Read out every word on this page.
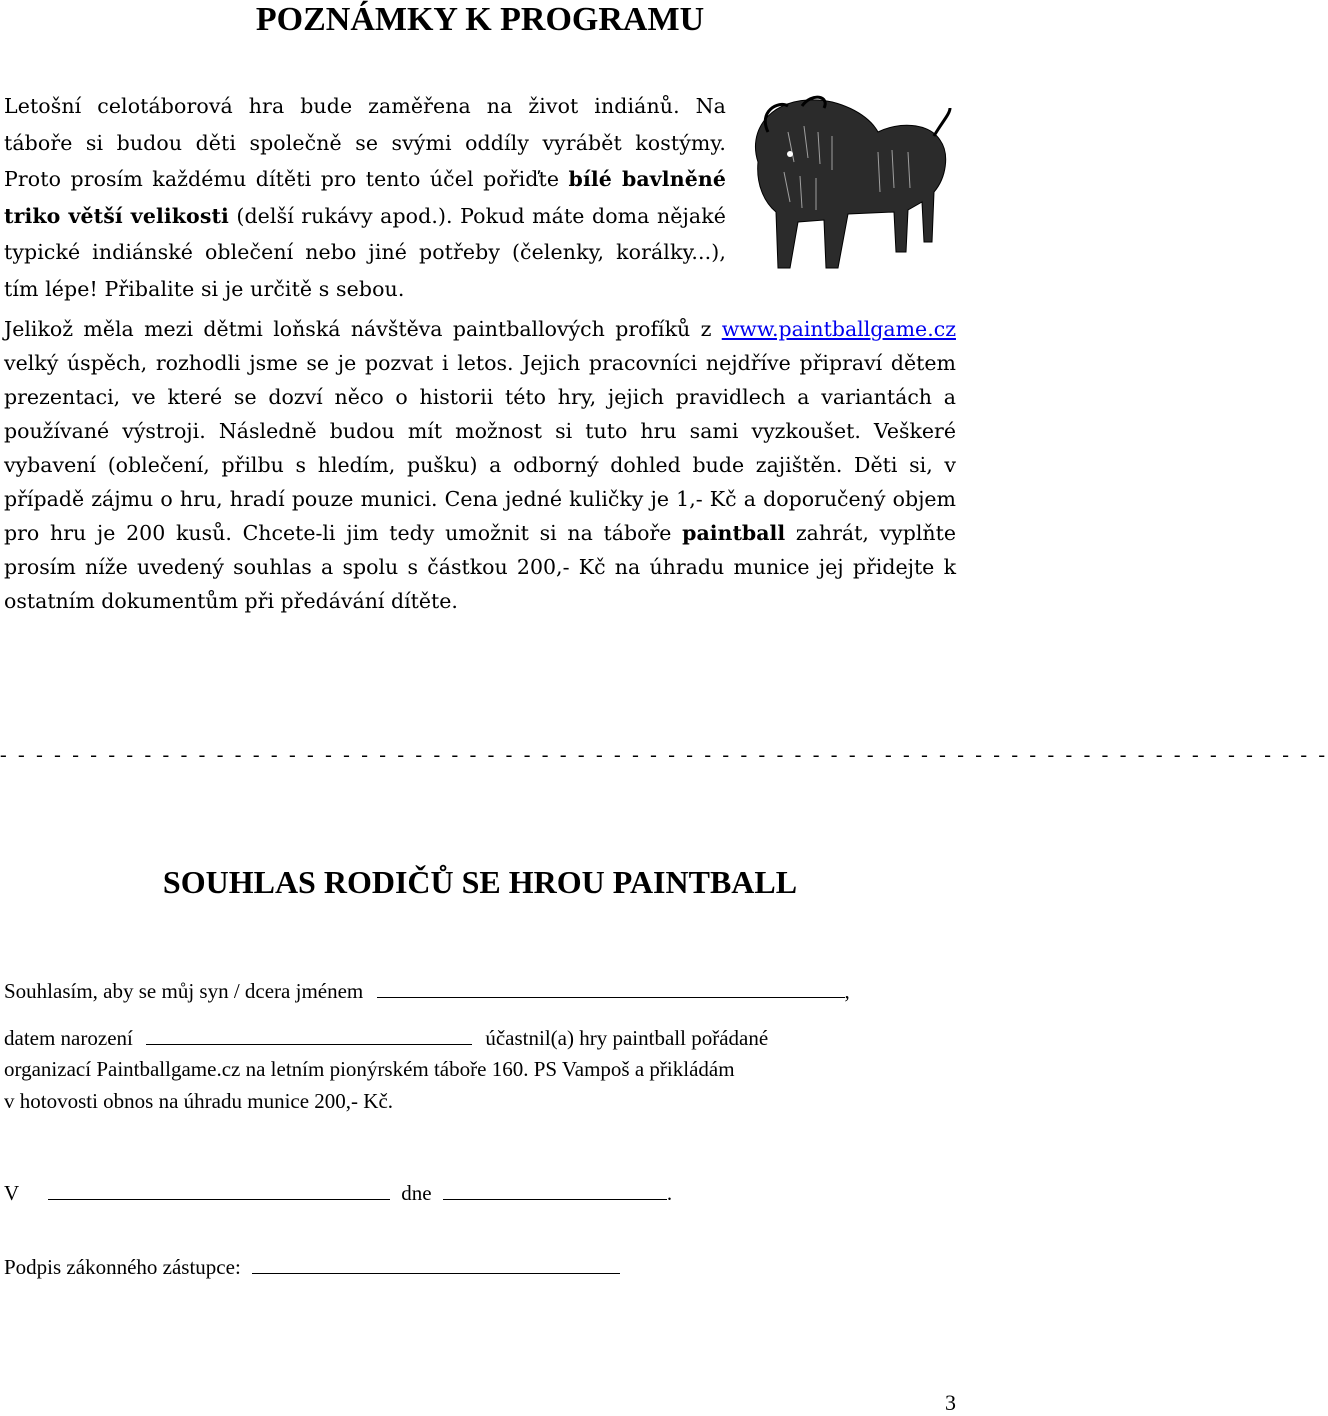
POZNÁMKY K PROGRAMU
Letošní celotáborová hra bude zaměřena na život indiánů. Na táboře si budou děti společně se svými oddíly vyrábět kostýmy. Proto prosím každému dítěti pro tento účel pořiďte bílé bavlněné triko větší velikosti (delší rukávy apod.). Pokud máte doma nějaké typické indiánské oblečení nebo jiné potřeby (čelenky, korálky...), tím lépe! Přibalite si je určitě s sebou.
Jelikož měla mezi dětmi loňská návštěva paintballových profíků z www.paintballgame.cz velký úspěch, rozhodli jsme se je pozvat i letos. Jejich pracovníci nejdříve připraví dětem prezentaci, ve které se dozví něco o historii této hry, jejich pravidlech a variantách a používané výstroji. Následně budou mít možnost si tuto hru sami vyzkoušet. Veškeré vybavení (oblečení, přilbu s hledím, pušku) a odborný dohled bude zajištěn. Děti si, v případě zájmu o hru, hradí pouze munici. Cena jedné kuličky je 1,- Kč a doporučený objem pro hru je 200 kusů. Chcete-li jim tedy umožnit si na táboře paintball zahrát, vyplňte prosím níže uvedený souhlas a spolu s částkou 200,- Kč na úhradu munice jej přidejte k ostatním dokumentům při předávání dítěte.
- - - - - - - - - - - - - - - - - - - - - - - - - - - - - - - - - - - - - - - - - - - - - - - - - - - - - - - - - - - - - - - - - - - - - - - - - -
SOUHLAS RODIČŮ SE HROU PAINTBALL
Souhlasím, aby se můj syn / dcera jménem	,
datem narození	účastnil(a) hry paintball pořádané
organizací Paintballgame.cz na letním pionýrském táboře 160. PS Vampoš a přikládám
v hotovosti obnos na úhradu munice 200,- Kč.
V	dne	.
Podpis zákonného zástupce:
3
